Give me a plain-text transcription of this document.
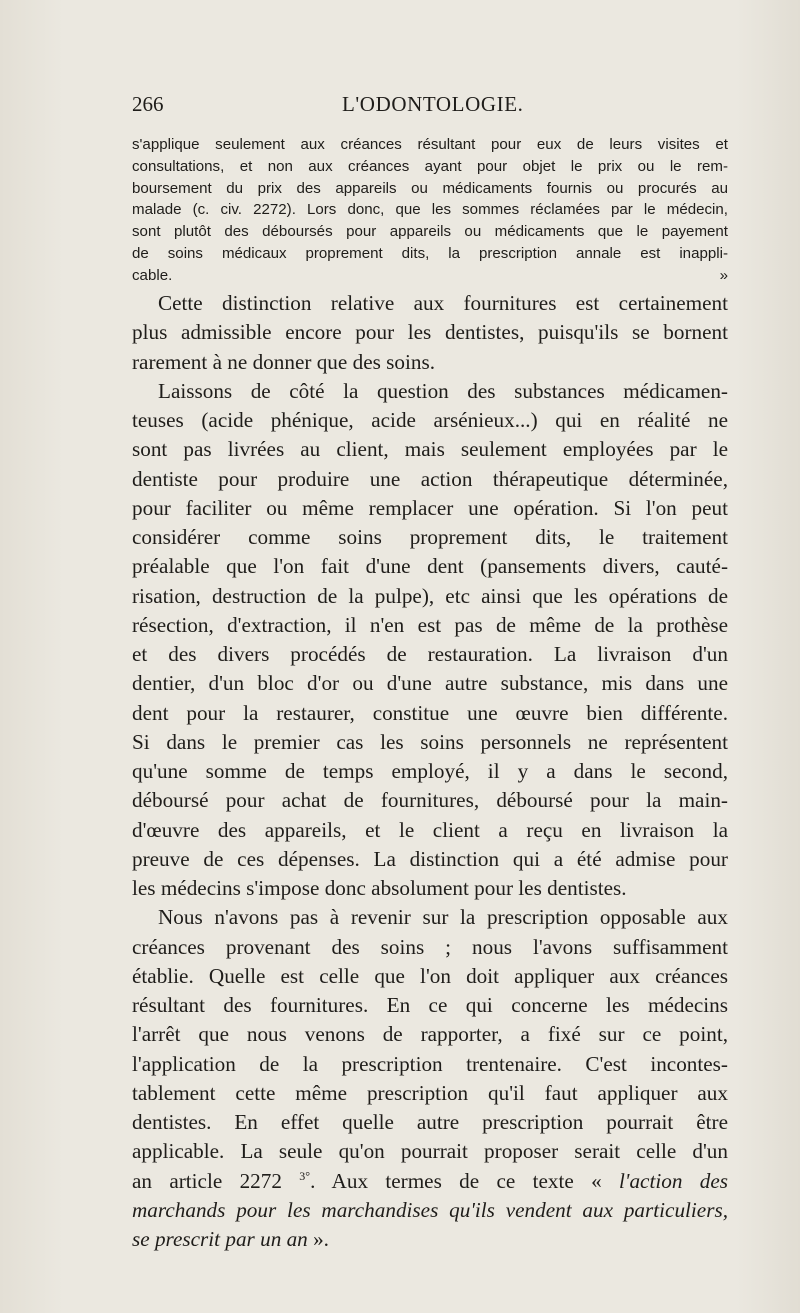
266	L'ODONTOLOGIE.
s'applique seulement aux créances résultant pour eux de leurs visites et
consultations, et non aux créances ayant pour objet le prix ou le rem-
boursement du prix des appareils ou médicaments fournis ou procurés au
malade (c. civ. 2272). Lors donc, que les sommes réclamées par le médecin,
sont plutôt des déboursés pour appareils ou médicaments que le payement
de soins médicaux proprement dits, la prescription annale est inappli-
cable. »

Cette distinction relative aux fournitures est certainement

plus admissible encore pour les dentistes, puisqu'ils se bornent
rarement à ne donner que des soins.

Laissons de côté la question des substances médicamen-

teuses (acide phénique, acide arsénieux...) qui en réalité ne
sont pas livrées au client, mais seulement employées par le
dentiste pour produire une action thérapeutique déterminée,
pour faciliter ou même remplacer une opération. Si l'on peut
considérer comme soins proprement dits, le traitement
préalable que l'on fait d'une dent (pansements divers, cauté-
risation, destruction de la pulpe), etc ainsi que les opérations de
résection, d'extraction, il n'en est pas de même de la prothèse
et des divers procédés de restauration. La livraison d'un
dentier, d'un bloc d'or ou d'une autre substance, mis dans une
dent pour la restaurer, constitue une œuvre bien différente.
Si dans le premier cas les soins personnels ne représentent
qu'une somme de temps employé, il y a dans le second,
déboursé pour achat de fournitures, déboursé pour la main-
d'œuvre des appareils, et le client a reçu en livraison la
preuve de ces dépenses. La distinction qui a été admise pour
les médecins s'impose donc absolument pour les dentistes.

Nous n'avons pas à revenir sur la prescription opposable aux

créances provenant des soins ; nous l'avons suffisamment
établie. Quelle est celle que l'on doit appliquer aux créances
résultant des fournitures. En ce qui concerne les médecins
l'arrêt que nous venons de rapporter, a fixé sur ce point,
l'application de la prescription trentenaire. C'est incontes-
tablement cette même prescription qu'il faut appliquer aux
dentistes. En effet quelle autre prescription pourrait être
applicable. La seule qu'on pourrait proposer serait celle d'un
an article 2272 $^{3^\circ}$. Aux termes de ce texte « l'action des
marchands pour les marchandises qu'ils vendent aux particuliers,
se prescrit par un an ».
